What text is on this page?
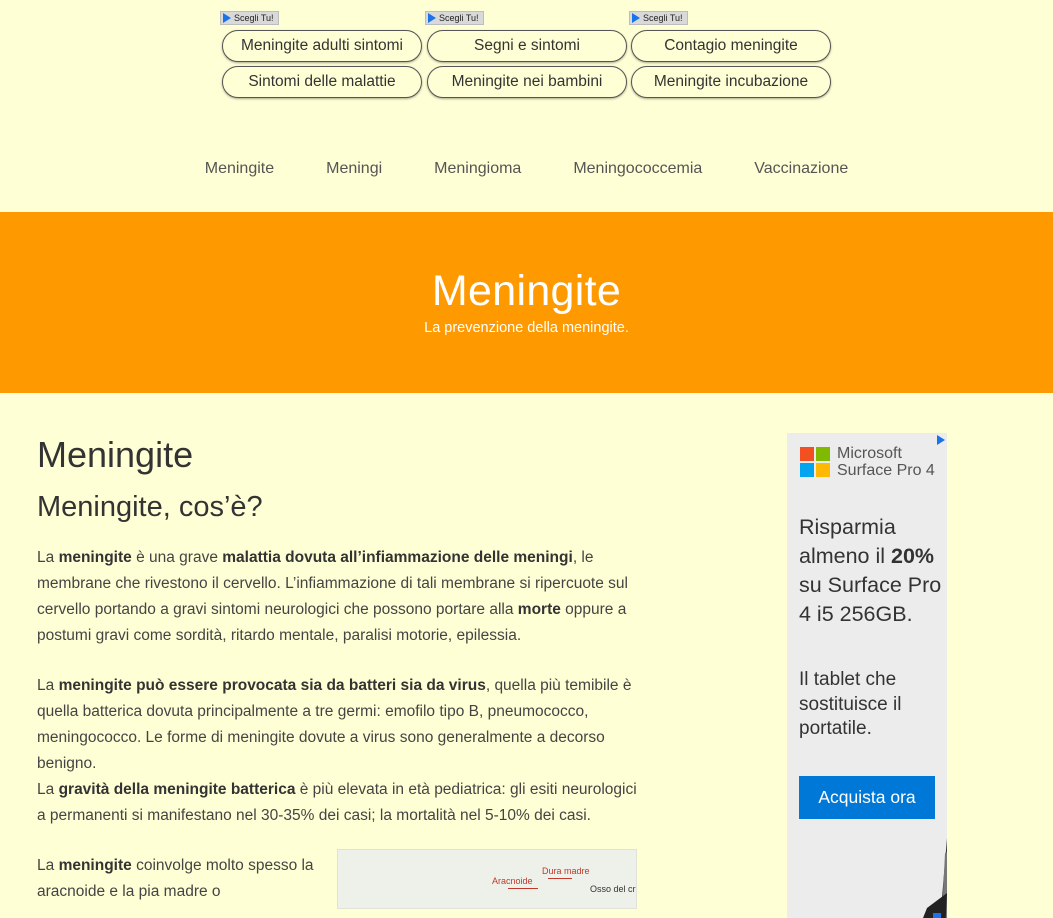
Scegli Tu!
Meningite adulti sintomi
Sintomi delle malattie
Scegli Tu!
Segni e sintomi
Meningite nei bambini
Scegli Tu!
Contagio meningite
Meningite incubazione
Meningite	Meningi	Meningioma	Meningococcemia	Vaccinazione
Meningite

La prevenzione della meningite.

Meningite
Meningite, cos’è?

La meningite è una grave malattia dovuta all’infiammazione delle meningi, le membrane che rivestono il cervello. L’infiammazione di tali membrane si ripercuote sul cervello portando a gravi sintomi neurologici che possono portare alla morte oppure a postumi gravi come sordità, ritardo mentale, paralisi motorie, epilessia.

La meningite può essere provocata sia da batteri sia da virus, quella più temibile è quella batterica dovuta principalmente a tre germi: emofilo tipo B, pneumococco, meningococco. Le forme di meningite dovute a virus sono generalmente a decorso benigno.

La gravità della meningite batterica è più elevata in età pediatrica: gli esiti neurologici a permanenti si manifestano nel 30-35% dei casi; la mortalità nel 5-10% dei casi.

La meningite coinvolge molto spesso la aracnoide e la pia madre o

Dura madre
Aracnoide
Osso del cr
Microsoft
Surface Pro 4
Risparmia almeno il 20% su Surface Pro 4 i5 256GB.
Il tablet che sostituisce il portatile.
Acquista ora
